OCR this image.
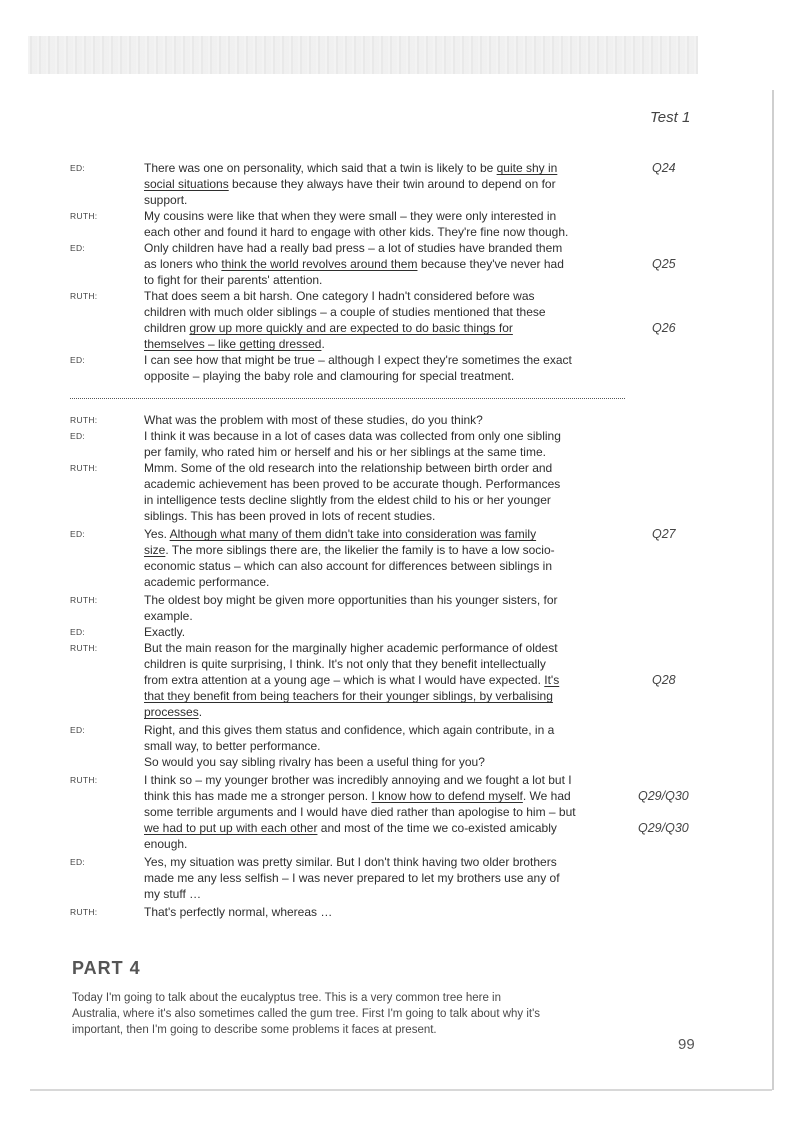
Test 1
ED:	There was one on personality, which said that a twin is likely to be quite shy in	Q24
social situations because they always have their twin around to depend on for
support.
RUTH:	My cousins were like that when they were small – they were only interested in
each other and found it hard to engage with other kids. They're fine now though.
ED:	Only children have had a really bad press – a lot of studies have branded them
as loners who think the world revolves around them because they've never had	Q25
to fight for their parents' attention.
RUTH:	That does seem a bit harsh. One category I hadn't considered before was
children with much older siblings – a couple of studies mentioned that these
children grow up more quickly and are expected to do basic things for	Q26
themselves – like getting dressed.
ED:	I can see how that might be true – although I expect they're sometimes the exact
opposite – playing the baby role and clamouring for special treatment.
RUTH:	What was the problem with most of these studies, do you think?
ED:	I think it was because in a lot of cases data was collected from only one sibling
per family, who rated him or herself and his or her siblings at the same time.
RUTH:	Mmm. Some of the old research into the relationship between birth order and
academic achievement has been proved to be accurate though. Performances
in intelligence tests decline slightly from the eldest child to his or her younger
siblings. This has been proved in lots of recent studies.
ED:	Yes. Although what many of them didn't take into consideration was family	Q27
size. The more siblings there are, the likelier the family is to have a low socio-
economic status – which can also account for differences between siblings in
academic performance.
RUTH:	The oldest boy might be given more opportunities than his younger sisters, for
example.
ED:	Exactly.
RUTH:	But the main reason for the marginally higher academic performance of oldest
children is quite surprising, I think. It's not only that they benefit intellectually
from extra attention at a young age – which is what I would have expected. It's	Q28
that they benefit from being teachers for their younger siblings, by verbalising
processes.
ED:	Right, and this gives them status and confidence, which again contribute, in a
small way, to better performance.
So would you say sibling rivalry has been a useful thing for you?
RUTH:	I think so – my younger brother was incredibly annoying and we fought a lot but I
think this has made me a stronger person. I know how to defend myself. We had	Q29/Q30
some terrible arguments and I would have died rather than apologise to him – but
we had to put up with each other and most of the time we co-existed amicably	Q29/Q30
enough.
ED:	Yes, my situation was pretty similar. But I don't think having two older brothers
made me any less selfish – I was never prepared to let my brothers use any of
my stuff …
RUTH:	That's perfectly normal, whereas …
PART 4
Today I'm going to talk about the eucalyptus tree. This is a very common tree here in
Australia, where it's also sometimes called the gum tree. First I'm going to talk about why it's
important, then I'm going to describe some problems it faces at present.
99
